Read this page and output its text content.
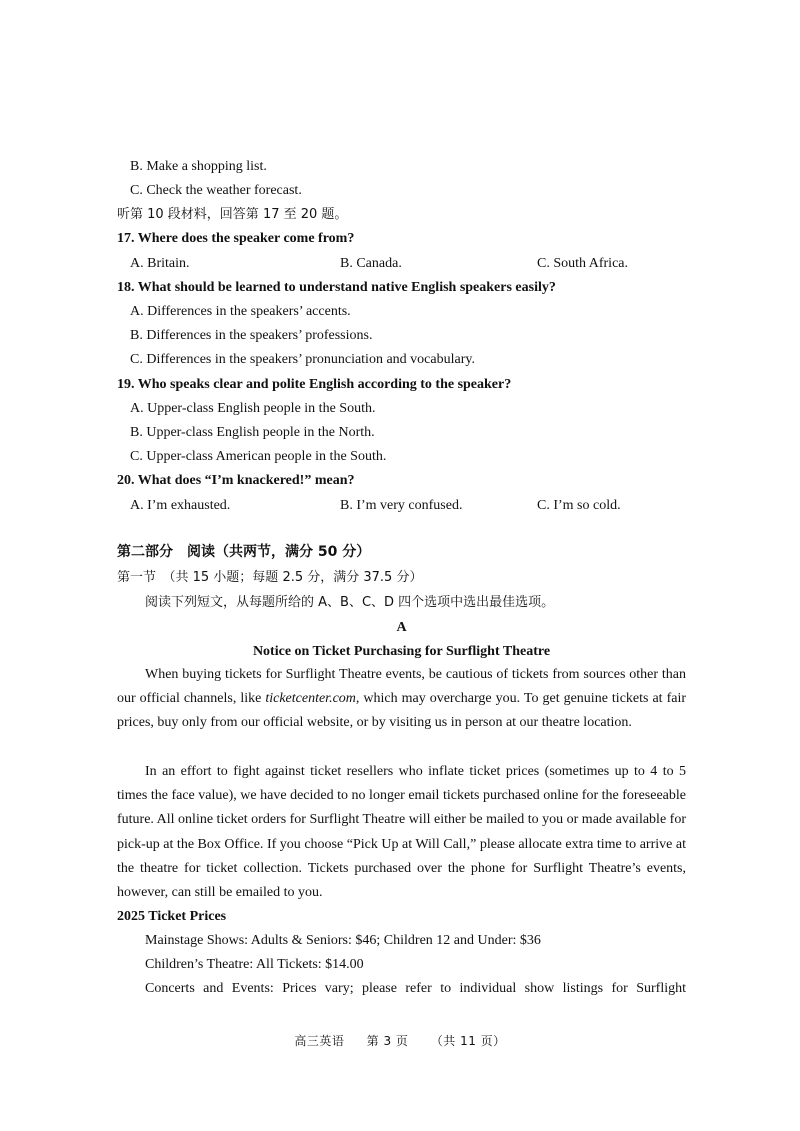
B. Make a shopping list.
C. Check the weather forecast.
听第 10 段材料，回答第 17 至 20 题。
17. Where does the speaker come from?
A. Britain.	B. Canada.	C. South Africa.
18. What should be learned to understand native English speakers easily?
A. Differences in the speakers’ accents.
B. Differences in the speakers’ professions.
C. Differences in the speakers’ pronunciation and vocabulary.
19. Who speaks clear and polite English according to the speaker?
A. Upper-class English people in the South.
B. Upper-class English people in the North.
C. Upper-class American people in the South.
20. What does “I’m knackered!” mean?
A. I’m exhausted.	B. I’m very confused.	C. I’m so cold.
第二部分　阅读（共两节，满分 50 分）
第一节　（共 15 小题；每题 2.5 分，满分 37.5 分）
阅读下列短文，从每题所给的 A、B、C、D 四个选项中选出最佳选项。
A
Notice on Ticket Purchasing for Surflight Theatre
When buying tickets for Surflight Theatre events, be cautious of tickets from sources other than our official channels, like ticketcenter.com, which may overcharge you. To get genuine tickets at fair prices, buy only from our official website, or by visiting us in person at our theatre location.
In an effort to fight against ticket resellers who inflate ticket prices (sometimes up to 4 to 5 times the face value), we have decided to no longer email tickets purchased online for the foreseeable future. All online ticket orders for Surflight Theatre will either be mailed to you or made available for pick-up at the Box Office. If you choose “Pick Up at Will Call,” please allocate extra time to arrive at the theatre for ticket collection. Tickets purchased over the phone for Surflight Theatre’s events, however, can still be emailed to you.
2025 Ticket Prices
Mainstage Shows: Adults & Seniors: $46; Children 12 and Under: $36
Children’s Theatre: All Tickets: $14.00
Concerts and Events: Prices vary; please refer to individual show listings for Surflight
高三英语 第 3 页 （共 11 页）
